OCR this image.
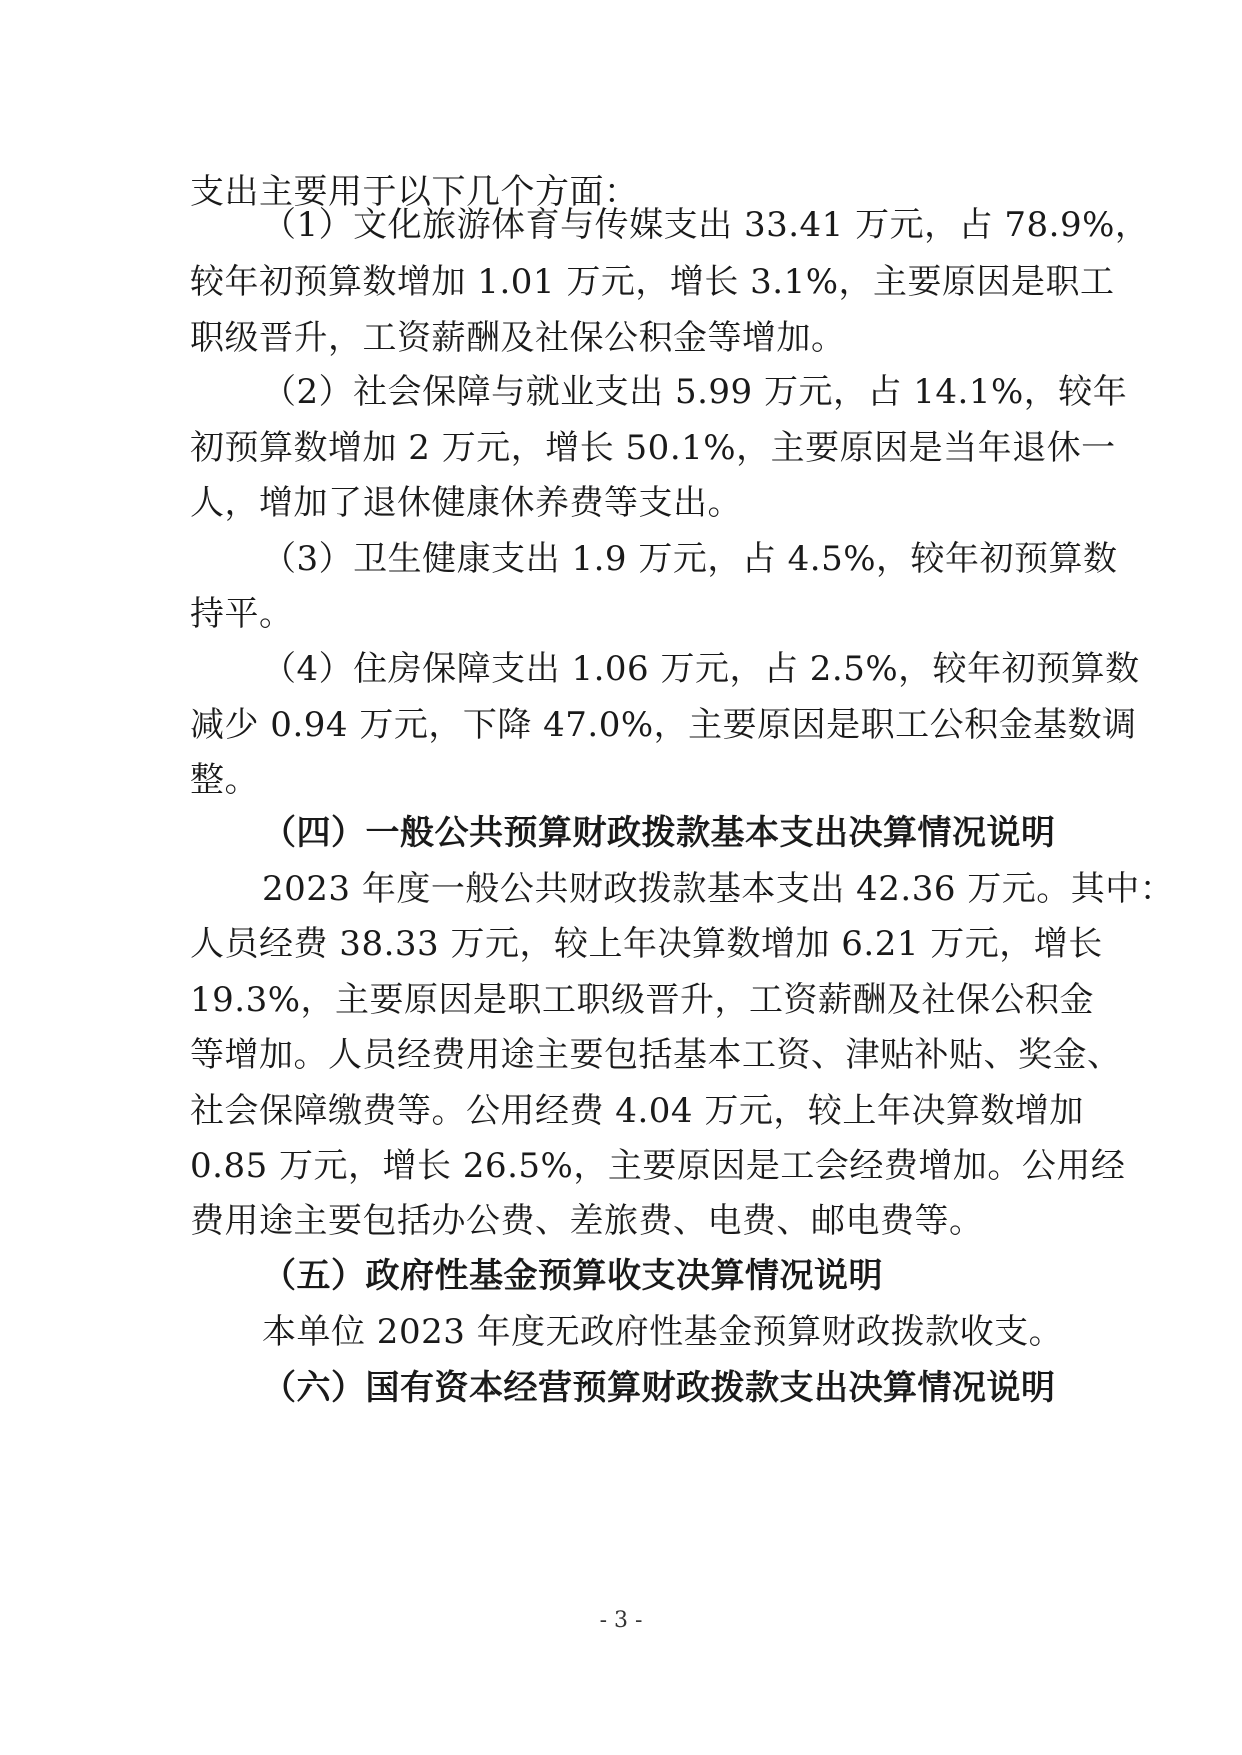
支出主要用于以下几个方面：
（1）文化旅游体育与传媒支出 33.41 万元，占 78.9%，
较年初预算数增加 1.01 万元，增长 3.1%，主要原因是职工
职级晋升，工资薪酬及社保公积金等增加。
（2）社会保障与就业支出 5.99 万元，占 14.1%，较年
初预算数增加 2 万元，增长 50.1%，主要原因是当年退休一
人，增加了退休健康休养费等支出。
（3）卫生健康支出 1.9 万元，占 4.5%，较年初预算数
持平。
（4）住房保障支出 1.06 万元，占 2.5%，较年初预算数
减少 0.94 万元，下降 47.0%，主要原因是职工公积金基数调
整。
（四）一般公共预算财政拨款基本支出决算情况说明
2023 年度一般公共财政拨款基本支出 42.36 万元。其中：
人员经费 38.33 万元，较上年决算数增加 6.21 万元，增长
19.3%，主要原因是职工职级晋升，工资薪酬及社保公积金
等增加。人员经费用途主要包括基本工资、津贴补贴、奖金、
社会保障缴费等。公用经费 4.04 万元，较上年决算数增加
0.85 万元，增长 26.5%，主要原因是工会经费增加。公用经
费用途主要包括办公费、差旅费、电费、邮电费等。
（五）政府性基金预算收支决算情况说明
本单位 2023 年度无政府性基金预算财政拨款收支。
（六）国有资本经营预算财政拨款支出决算情况说明
- 3 -
